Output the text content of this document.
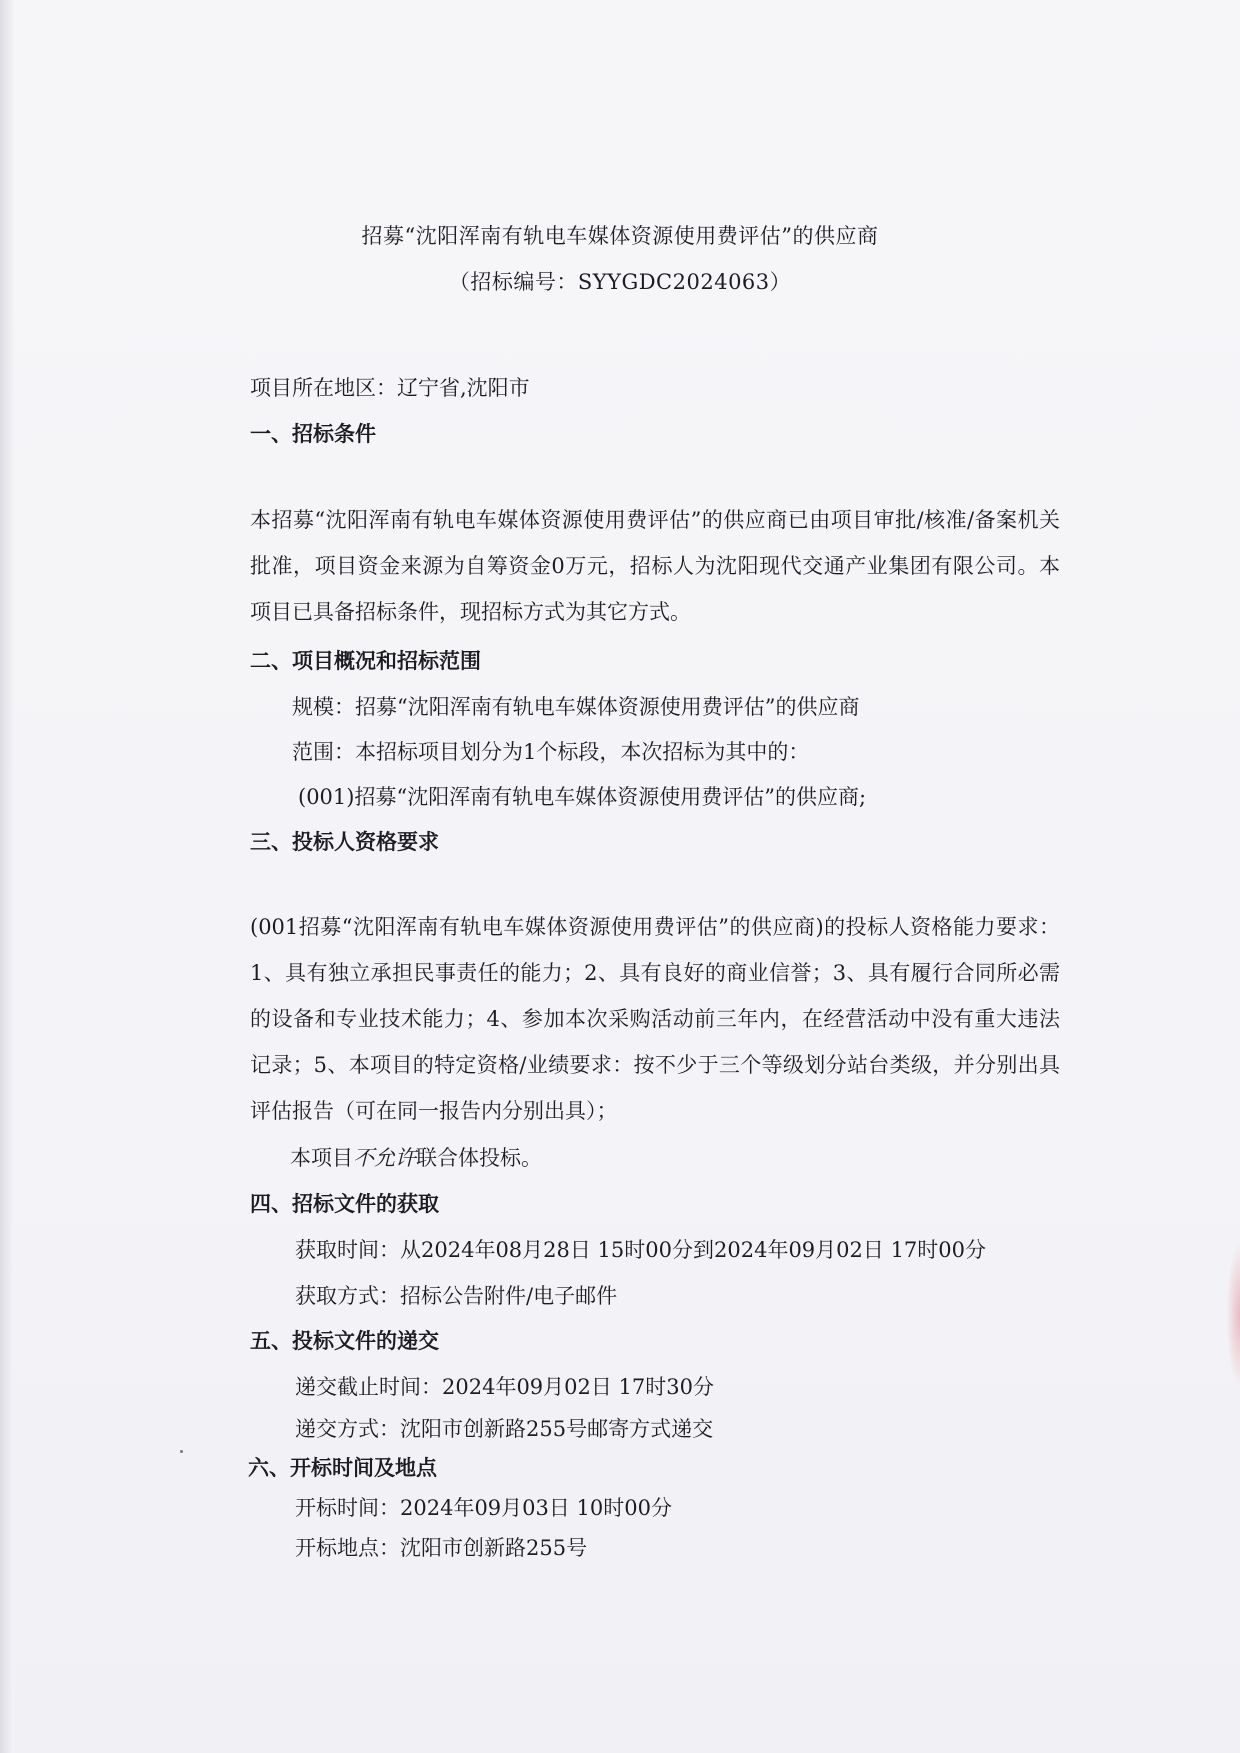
招募“沈阳浑南有轨电车媒体资源使用费评估”的供应商
（招标编号：SYYGDC2024063）
项目所在地区：辽宁省,沈阳市
一、招标条件
本招募“沈阳浑南有轨电车媒体资源使用费评估”的供应商已由项目审批/核准/备案机关批准，项目资金来源为自筹资金0万元，招标人为沈阳现代交通产业集团有限公司。本项目已具备招标条件，现招标方式为其它方式。
二、项目概况和招标范围
规模：招募“沈阳浑南有轨电车媒体资源使用费评估”的供应商
范围：本招标项目划分为1个标段，本次招标为其中的：
(001)招募“沈阳浑南有轨电车媒体资源使用费评估”的供应商;
三、投标人资格要求
(001招募“沈阳浑南有轨电车媒体资源使用费评估”的供应商)的投标人资格能力要求：1、具有独立承担民事责任的能力；2、具有良好的商业信誉；3、具有履行合同所必需的设备和专业技术能力；4、参加本次采购活动前三年内，在经营活动中没有重大违法记录；5、本项目的特定资格/业绩要求：按不少于三个等级划分站台类级，并分别出具评估报告（可在同一报告内分别出具）；
本项目不允许联合体投标。
四、招标文件的获取
获取时间：从2024年08月28日 15时00分到2024年09月02日 17时00分
获取方式：招标公告附件/电子邮件
五、投标文件的递交
递交截止时间：2024年09月02日 17时30分
递交方式：沈阳市创新路255号邮寄方式递交
六、开标时间及地点
开标时间：2024年09月03日 10时00分
开标地点：沈阳市创新路255号
